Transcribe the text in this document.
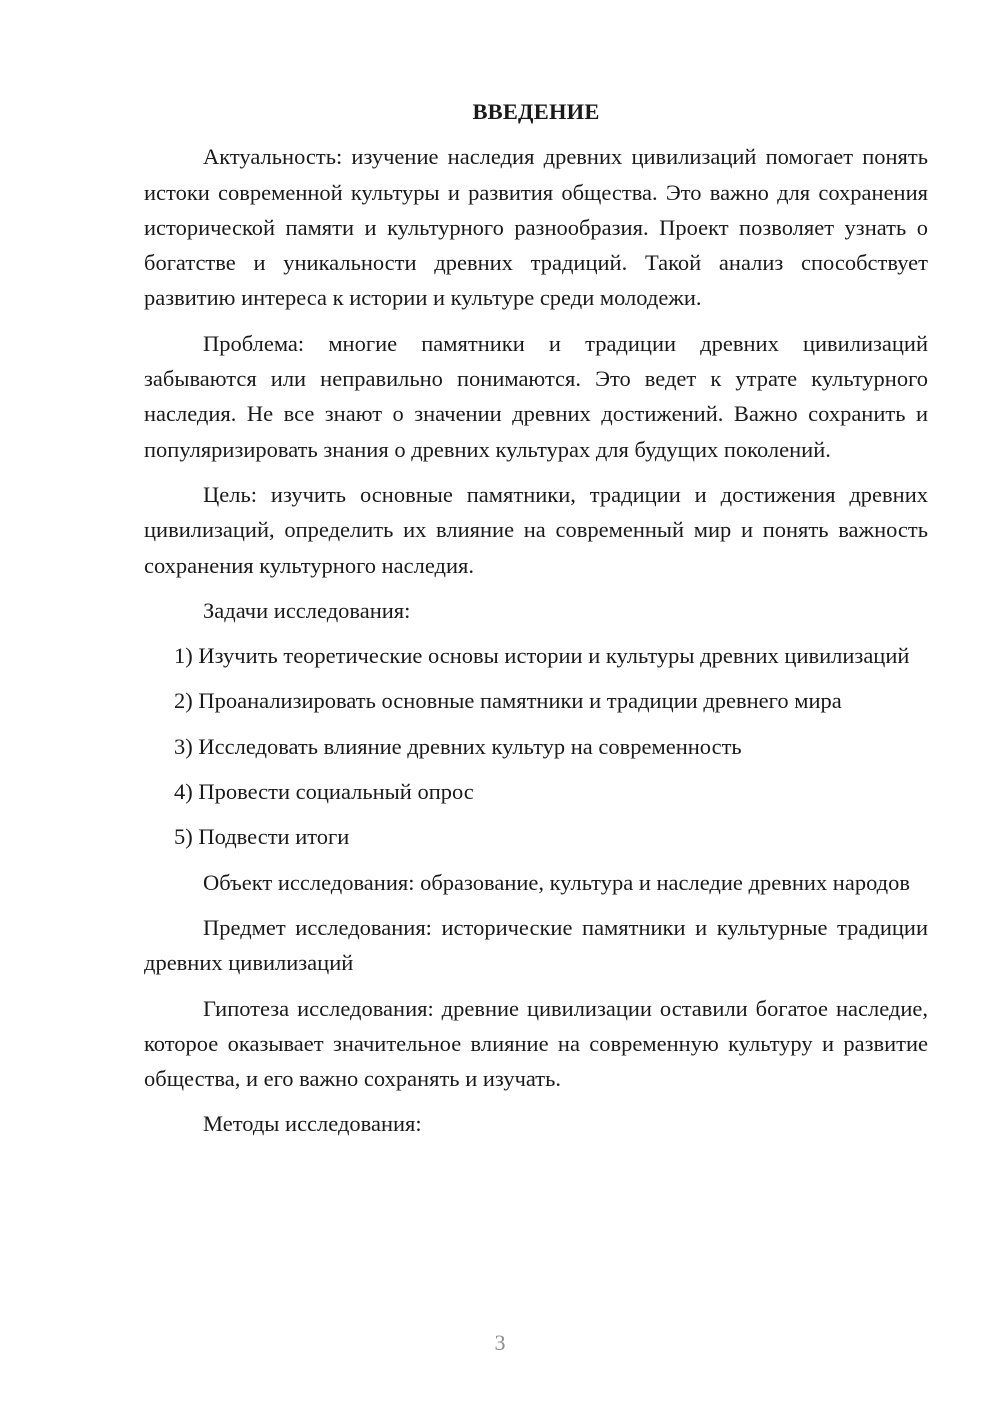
ВВЕДЕНИЕ

Актуальность: изучение наследия древних цивилизаций помогает понять истоки современной культуры и развития общества. Это важно для сохранения исторической памяти и культурного разнообразия. Проект позволяет узнать о богатстве и уникальности древних традиций. Такой анализ способствует развитию интереса к истории и культуре среди молодежи.

Проблема: многие памятники и традиции древних цивилизаций забываются или неправильно понимаются. Это ведет к утрате культурного наследия. Не все знают о значении древних достижений. Важно сохранить и популяризировать знания о древних культурах для будущих поколений.

Цель: изучить основные памятники, традиции и достижения древних цивилизаций, определить их влияние на современный мир и понять важность сохранения культурного наследия.

Задачи исследования:

1) Изучить теоретические основы истории и культуры древних цивилизаций

2) Проанализировать основные памятники и традиции древнего мира

3) Исследовать влияние древних культур на современность

4) Провести социальный опрос

5) Подвести итоги

Объект исследования: образование, культура и наследие древних народов

Предмет исследования: исторические памятники и культурные традиции древних цивилизаций

Гипотеза исследования: древние цивилизации оставили богатое наследие, которое оказывает значительное влияние на современную культуру и развитие общества, и его важно сохранять и изучать.

Методы исследования:

3
